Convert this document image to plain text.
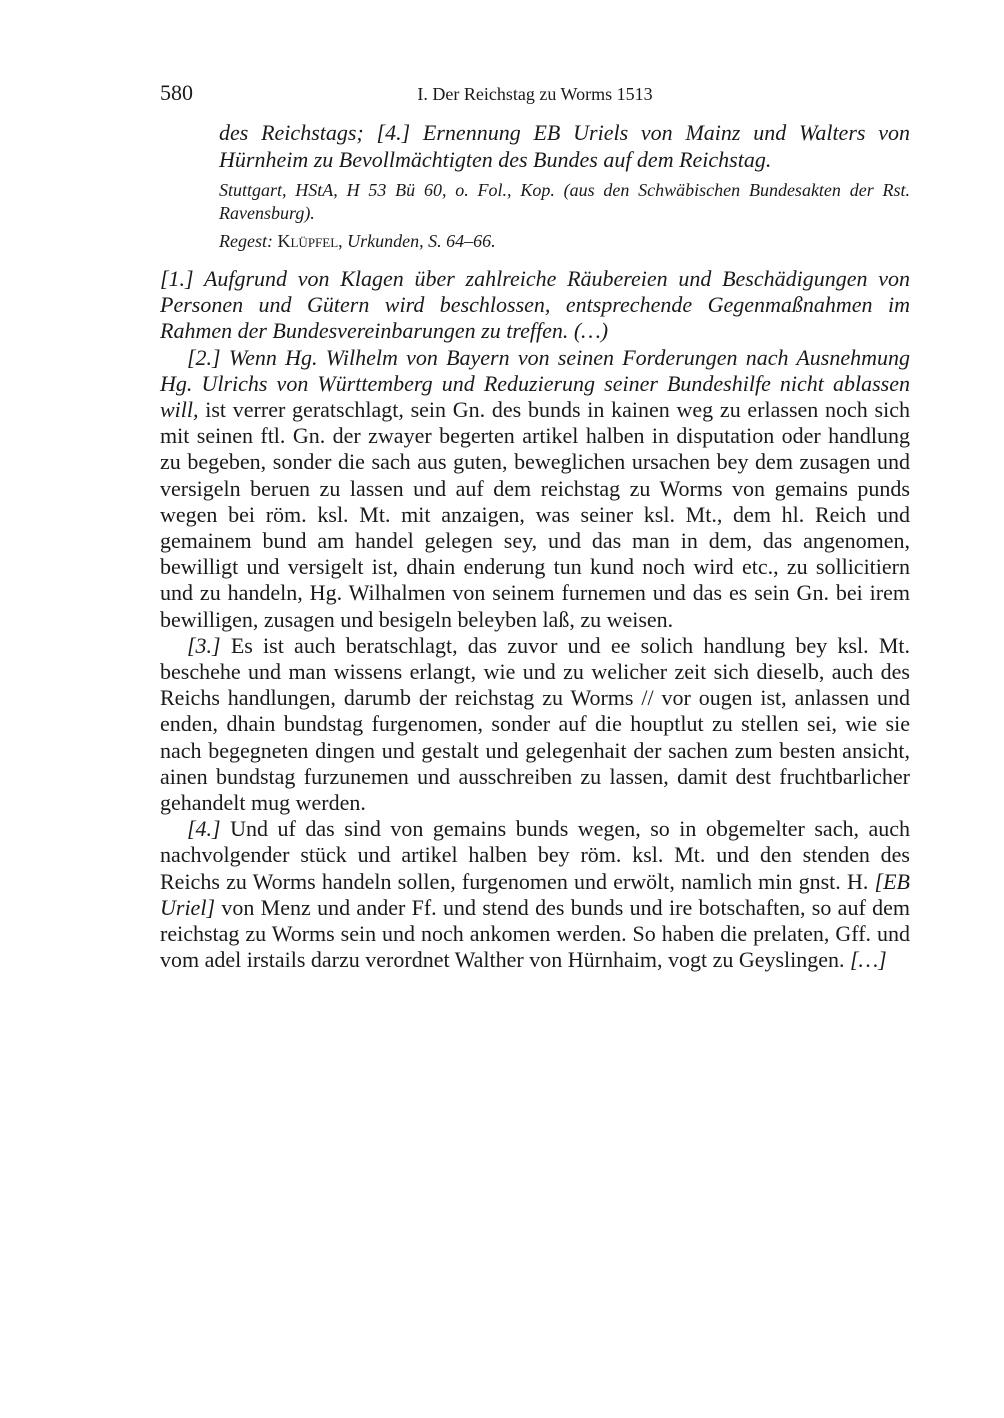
580	I. Der Reichstag zu Worms 1513
des Reichstags; [4.] Ernennung EB Uriels von Mainz und Walters von Hürnheim zu Bevollmächtigten des Bundes auf dem Reichstag.
Stuttgart, HStA, H 53 Bü 60, o. Fol., Kop. (aus den Schwäbischen Bundesakten der Rst. Ravensburg).
Regest: Klüpfel, Urkunden, S. 64–66.

[1.] Aufgrund von Klagen über zahlreiche Räubereien und Beschädigungen von Personen und Gütern wird beschlossen, entsprechende Gegenmaßnahmen im Rahmen der Bundesvereinbarungen zu treffen. (…)

[2.] Wenn Hg. Wilhelm von Bayern von seinen Forderungen nach Ausnehmung Hg. Ulrichs von Württemberg und Reduzierung seiner Bundeshilfe nicht ablassen will, ist verrer geratschlagt, sein Gn. des bunds in kainen weg zu erlassen noch sich mit seinen ftl. Gn. der zwayer begerten artikel halben in disputation oder handlung zu begeben, sonder die sach aus guten, beweglichen ursachen bey dem zusagen und versigeln beruen zu lassen und auf dem reichstag zu Worms von gemains punds wegen bei röm. ksl. Mt. mit anzaigen, was seiner ksl. Mt., dem hl. Reich und gemainem bund am handel gelegen sey, und das man in dem, das angenomen, bewilligt und versigelt ist, dhain enderung tun kund noch wird etc., zu sollicitiern und zu handeln, Hg. Wilhalmen von seinem furnemen und das es sein Gn. bei irem bewilligen, zusagen und besigeln beleyben laß, zu weisen.

[3.] Es ist auch beratschlagt, das zuvor und ee solich handlung bey ksl. Mt. beschehe und man wissens erlangt, wie und zu welicher zeit sich dieselb, auch des Reichs handlungen, darumb der reichstag zu Worms // vor ougen ist, anlassen und enden, dhain bundstag furgenomen, sonder auf die houptlut zu stellen sei, wie sie nach begegneten dingen und gestalt und gelegenhait der sachen zum besten ansicht, ainen bundstag furzunemen und ausschreiben zu lassen, damit dest fruchtbarlicher gehandelt mug werden.

[4.] Und uf das sind von gemains bunds wegen, so in obgemelter sach, auch nachvolgender stück und artikel halben bey röm. ksl. Mt. und den stenden des Reichs zu Worms handeln sollen, furgenomen und erwölt, namlich min gnst. H. [EB Uriel] von Menz und ander Ff. und stend des bunds und ire botschaften, so auf dem reichstag zu Worms sein und noch ankomen werden. So haben die prelaten, Gff. und vom adel irstails darzu verordnet Walther von Hürnhaim, vogt zu Geyslingen. […]
